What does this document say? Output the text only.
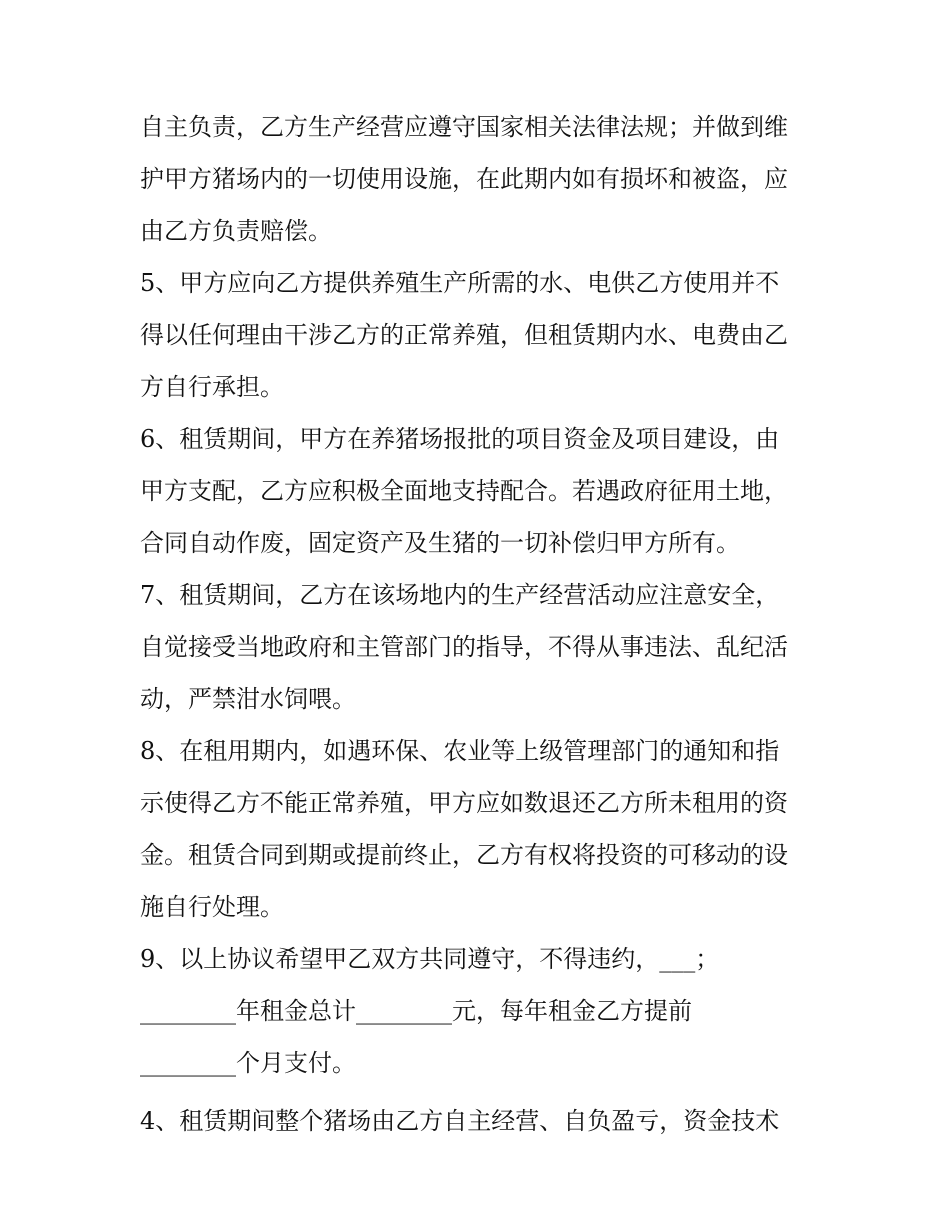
自主负责，乙方生产经营应遵守国家相关法律法规；并做到维
护甲方猪场内的一切使用设施，在此期内如有损坏和被盗，应
由乙方负责赔偿。
5、甲方应向乙方提供养殖生产所需的水、电供乙方使用并不
得以任何理由干涉乙方的正常养殖，但租赁期内水、电费由乙
方自行承担。
6、租赁期间，甲方在养猪场报批的项目资金及项目建设，由
甲方支配，乙方应积极全面地支持配合。若遇政府征用土地，
合同自动作废，固定资产及生猪的一切补偿归甲方所有。
7、租赁期间，乙方在该场地内的生产经营活动应注意安全，
自觉接受当地政府和主管部门的指导，不得从事违法、乱纪活
动，严禁泔水饲喂。
8、在租用期内，如遇环保、农业等上级管理部门的通知和指
示使得乙方不能正常养殖，甲方应如数退还乙方所未租用的资
金。租赁合同到期或提前终止，乙方有权将投资的可移动的设
施自行处理。
9、以上协议希望甲乙双方共同遵守，不得违约，___；
________年租金总计________元，每年租金乙方提前
________个月支付。
4、租赁期间整个猪场由乙方自主经营、自负盈亏，资金技术
